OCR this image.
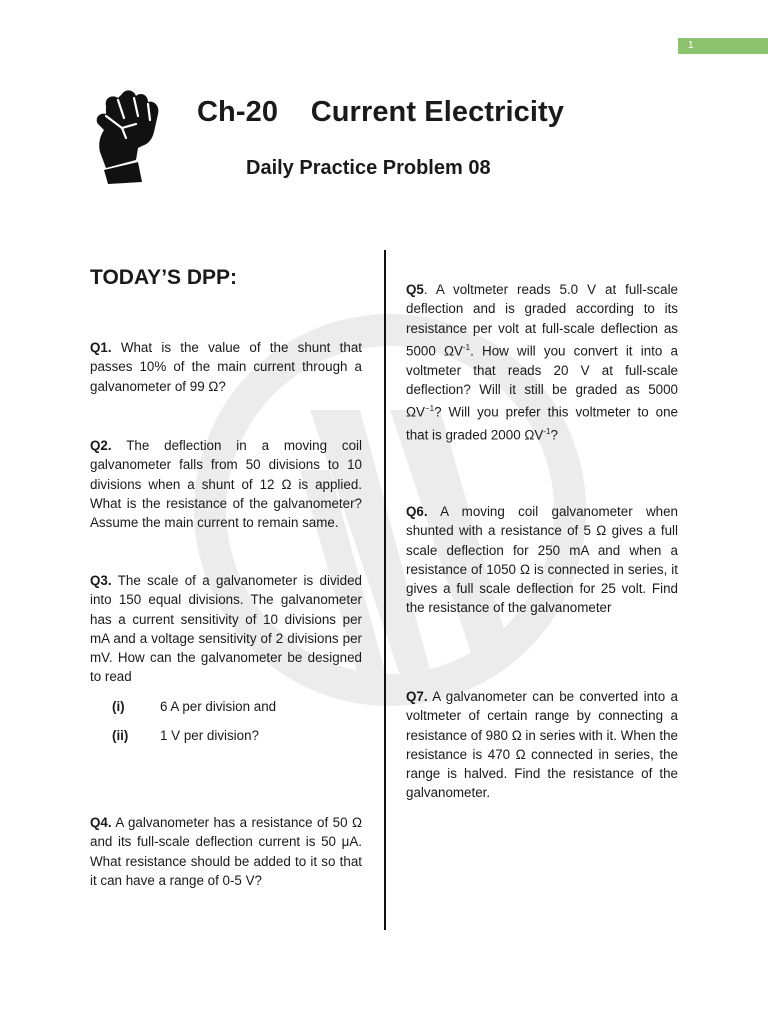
1
Ch-20    Current Electricity
Daily Practice Problem 08
TODAY’S DPP:

Q1. What is the value of the shunt that passes 10% of the main current through a galvanometer of 99 Ω?

Q2. The deflection in a moving coil galvanometer falls from 50 divisions to 10 divisions when a shunt of 12 Ω is applied. What is the resistance of the galvanometer? Assume the main current to remain same.

Q3. The scale of a galvanometer is divided into 150 equal divisions. The galvanometer has a current sensitivity of 10 divisions per mA and a voltage sensitivity of 2 divisions per mV. How can the galvanometer be designed to read

(i)	6 A per division and
(ii) 1 V per division?

Q4. A galvanometer has a resistance of 50 Ω and its full-scale deflection current is 50 μA. What resistance should be added to it so that it can have a range of 0-5 V?

Q5. A voltmeter reads 5.0 V at full-scale deflection and is graded according to its resistance per volt at full-scale deflection as 5000 $\Omega V^{-1}$. How will you convert it into a voltmeter that reads 20 V at full-scale deflection? Will it still be graded as 5000 $\Omega V^{-1}$? Will you prefer this voltmeter to one that is graded 2000 $\Omega V^{-1}$?

Q6. A moving coil galvanometer when shunted with a resistance of 5 Ω gives a full scale deflection for 250 mA and when a resistance of 1050 Ω is connected in series, it gives a full scale deflection for 25 volt. Find the resistance of the galvanometer

Q7. A galvanometer can be converted into a voltmeter of certain range by connecting a resistance of 980 Ω in series with it. When the resistance is 470 Ω connected in series, the range is halved. Find the resistance of the galvanometer.
